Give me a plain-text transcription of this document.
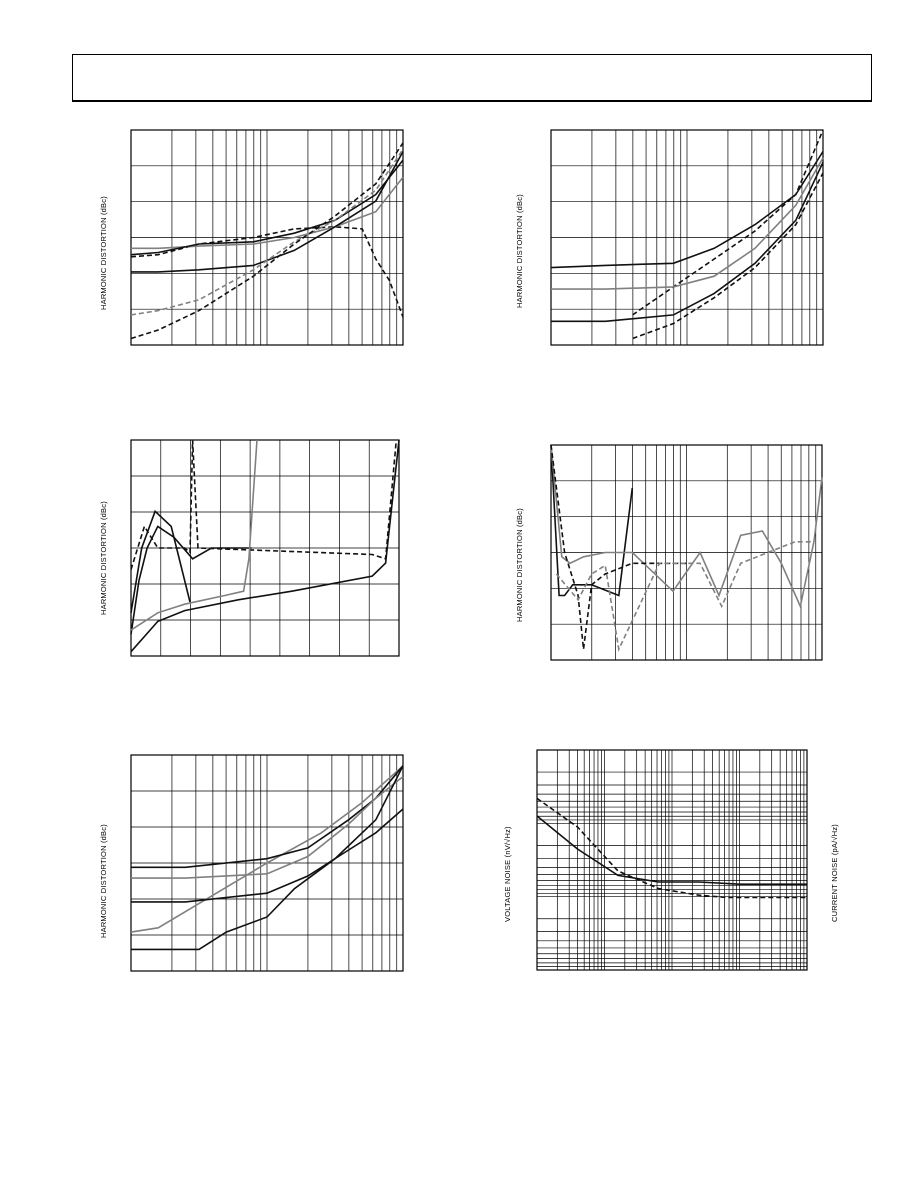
HARMONIC DISTORTION (dBc)	HARMONIC DISTORTION (dBc)
HARMONIC DISTORTION (dBc)	HARMONIC DISTORTION (dBc)
HARMONIC DISTORTION (dBc)	VOLTAGE NOISE (nV/√Hz)	CURRENT NOISE (pA/√Hz)
